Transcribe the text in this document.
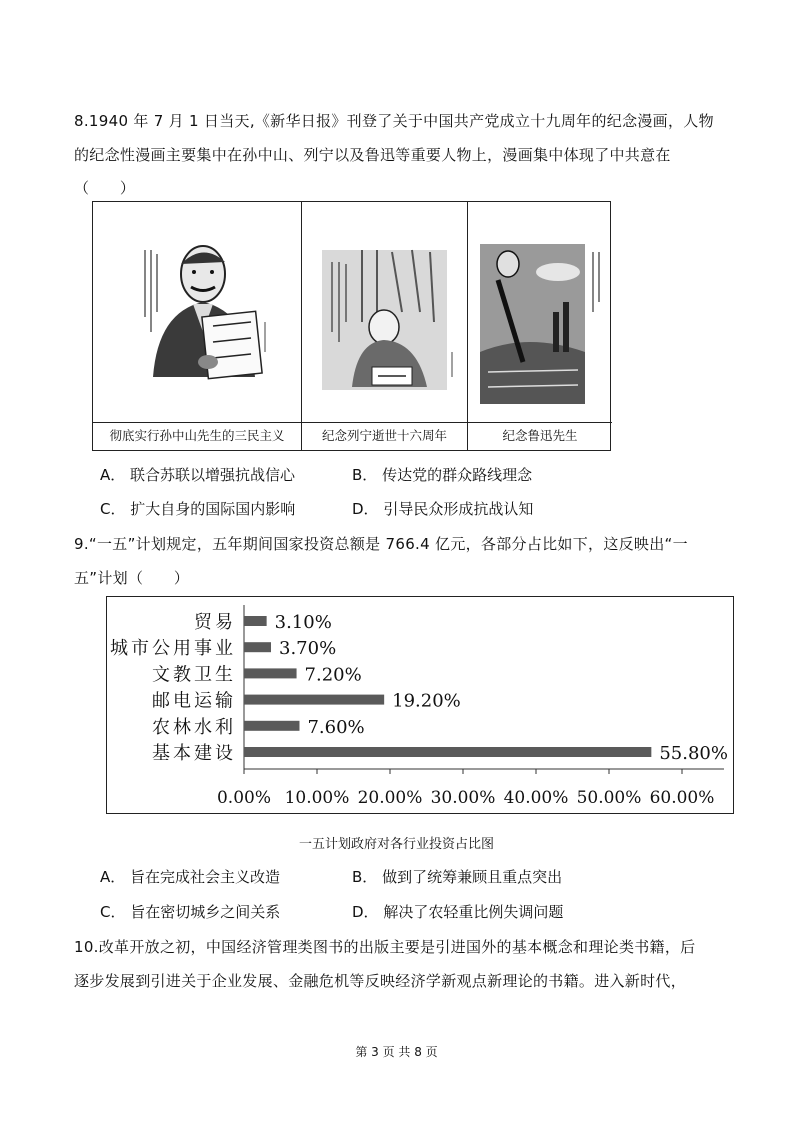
8.1940 年 7 月 1 日当天,《新华日报》刊登了关于中国共产党成立十九周年的纪念漫画，人物
的纪念性漫画主要集中在孙中山、列宁以及鲁迅等重要人物上，漫画集中体现了中共意在
（　　）
彻底实行孙中山先生的三民主义	纪念列宁逝世十六周年	纪念鲁迅先生
A． 联合苏联以增强抗战信心	B． 传达党的群众路线理念
C． 扩大自身的国际国内影响	D． 引导民众形成抗战认知
9.“一五”计划规定，五年期间国家投资总额是 766.4 亿元，各部分占比如下，这反映出“一
五”计划（　　）
0.00% 10.00% 20.00% 30.00% 40.00% 50.00% 60.00%
贸易 3.10%
城市公用事业 3.70%
文教卫生	7.20%
邮电运输	19.20%
农林水利	7.60%
基本建设	55.80%
一五计划政府对各行业投资占比图
A． 旨在完成社会主义改造	B． 做到了统筹兼顾且重点突出
C． 旨在密切城乡之间关系	D． 解决了农轻重比例失调问题
10.改革开放之初，中国经济管理类图书的出版主要是引进国外的基本概念和理论类书籍，后
逐步发展到引进关于企业发展、金融危机等反映经济学新观点新理论的书籍。进入新时代，
第 3 页 共 8 页
